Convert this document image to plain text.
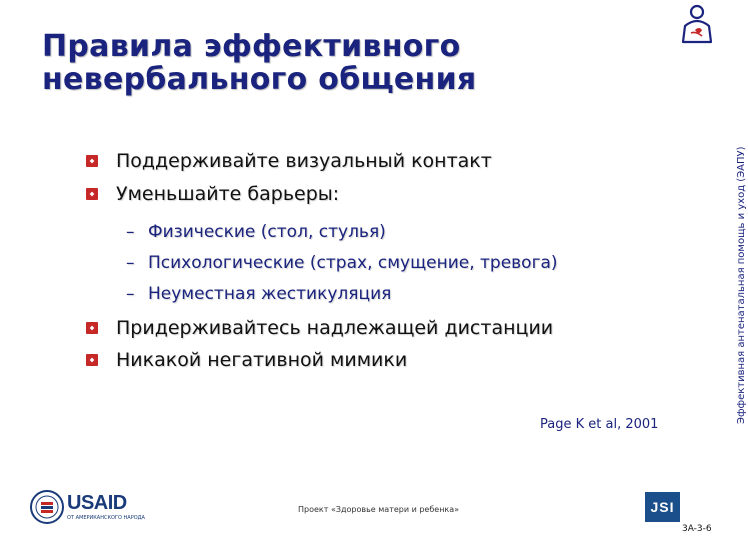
Правила эффективного
невербального общения
Эффективная антенатальная помощь и уход (ЭАПУ)
Поддерживайте визуальный контакт
Уменьшайте барьеры:
– Физические (стол, стулья)
– Психологические (страх, смущение, тревога)
– Неуместная жестикуляция
Придерживайтесь надлежащей дистанции
Никакой негативной мимики
Page K et al, 2001
USAID
ОТ АМЕРИКАНСКОГО НАРОДА
Проект «Здоровье матери и ребенка»	JSI
3A-3-6
